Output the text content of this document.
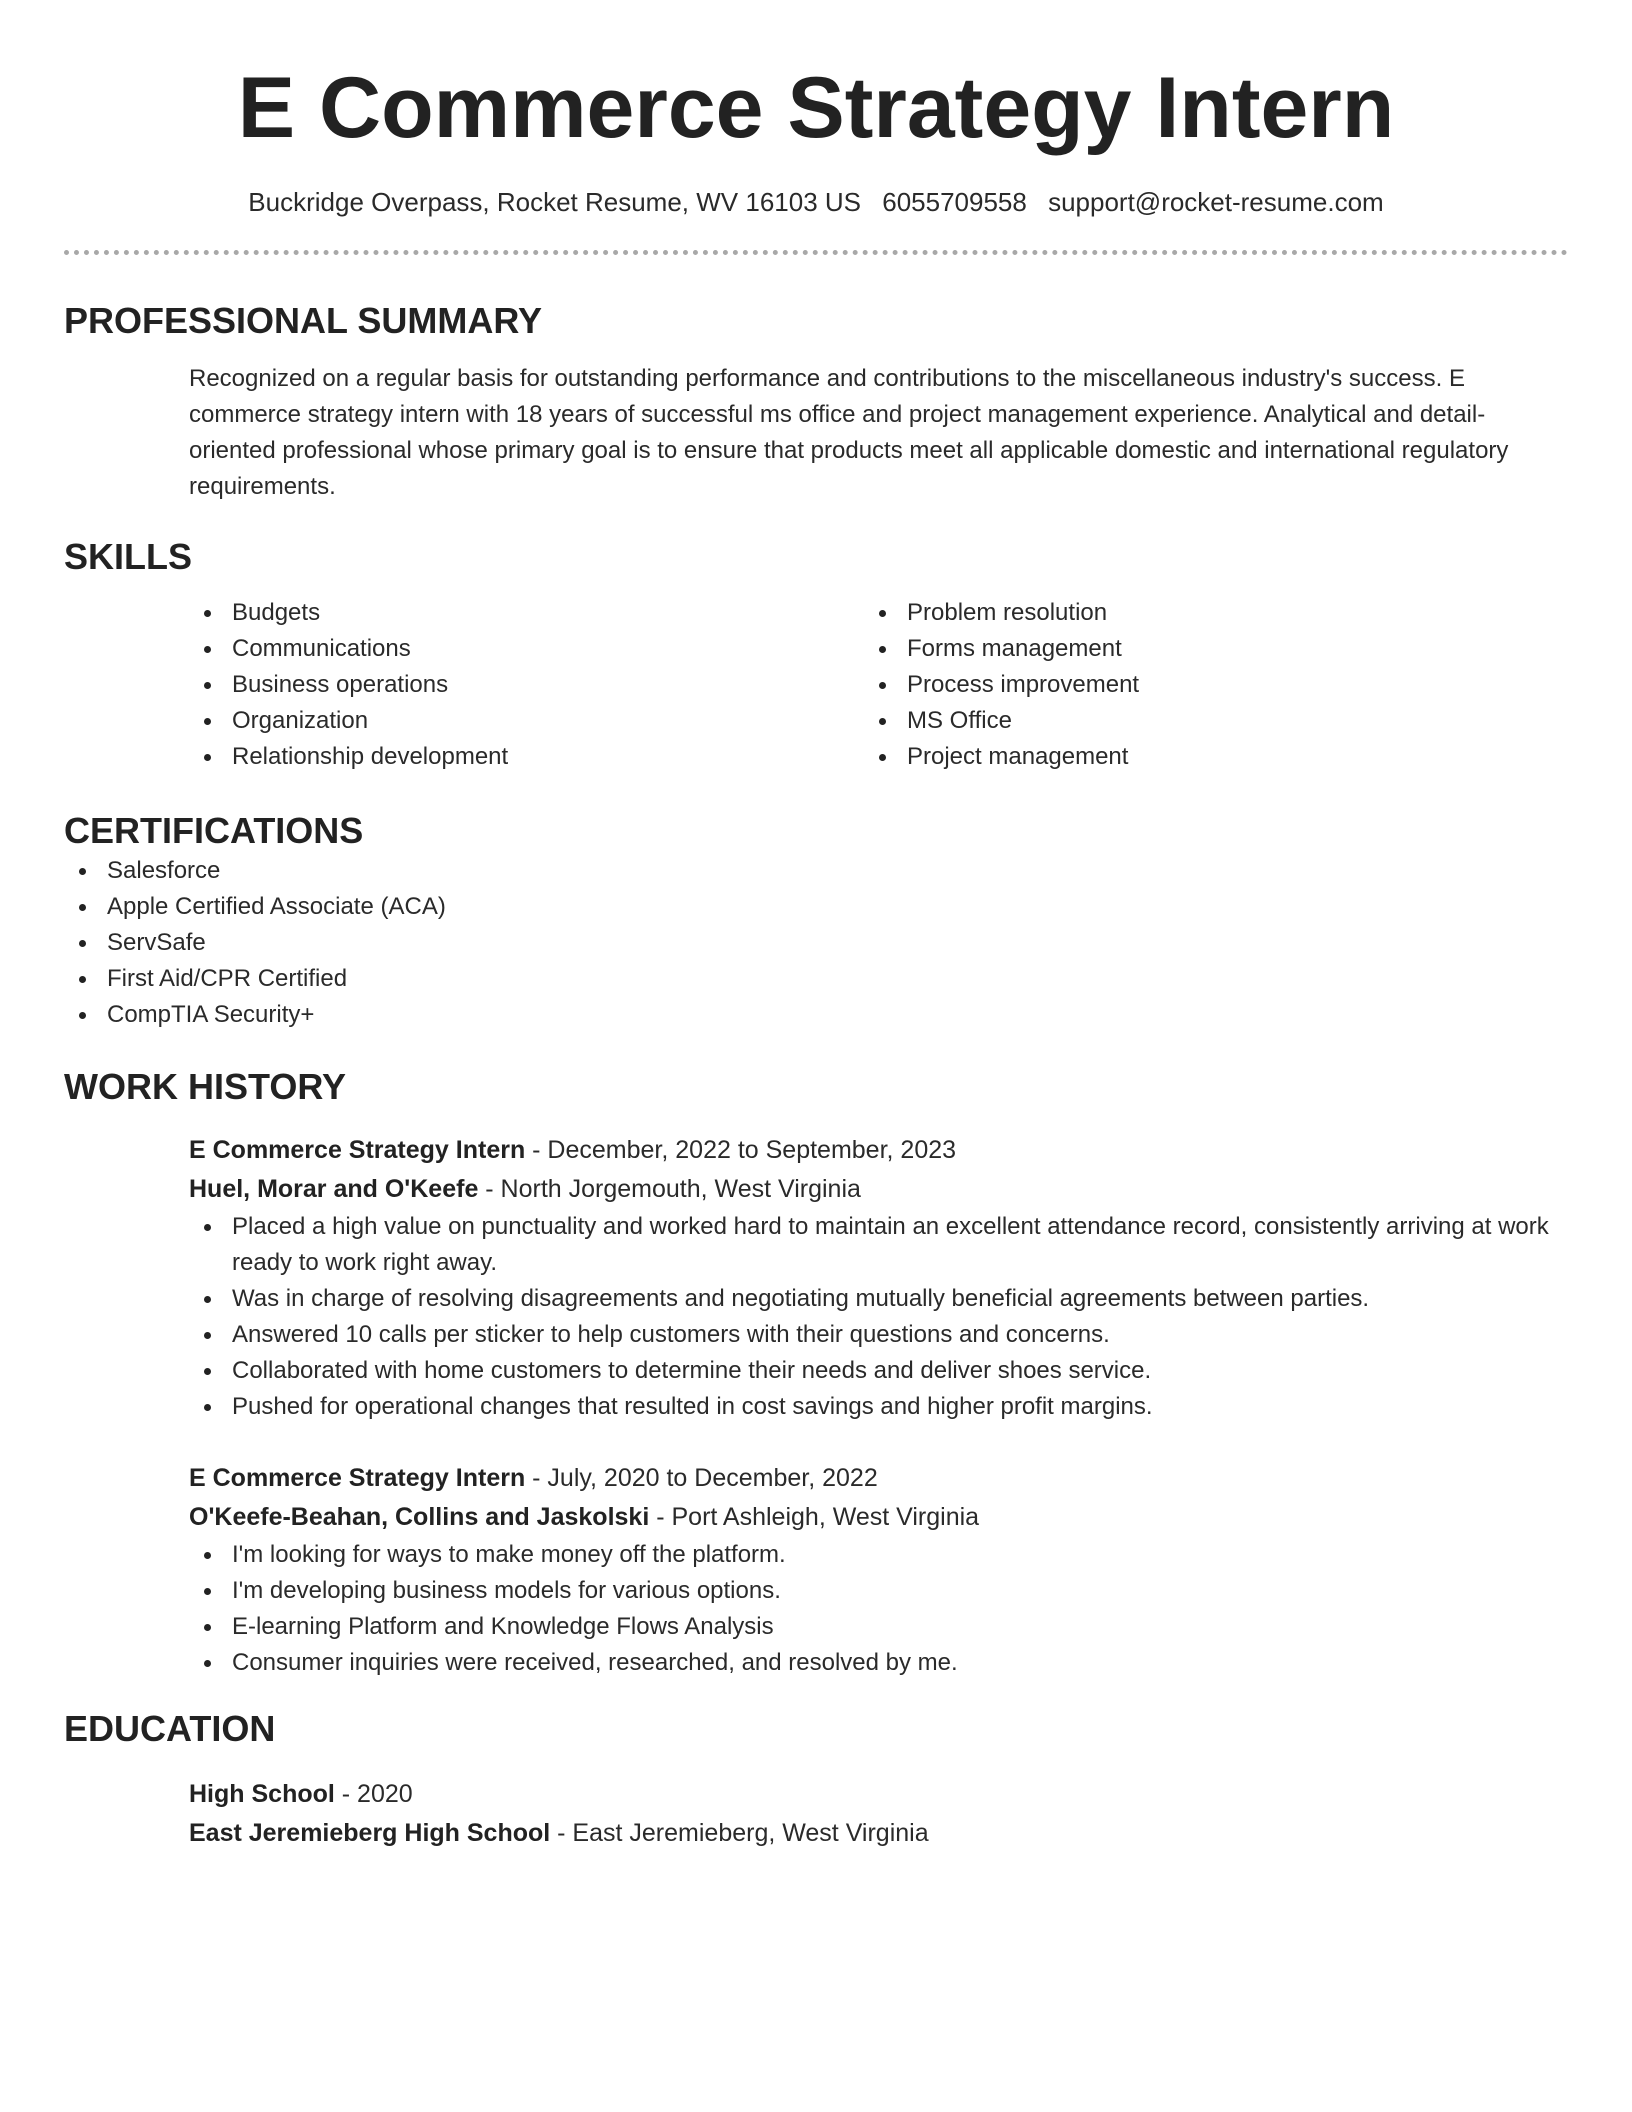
E Commerce Strategy Intern
Buckridge Overpass, Rocket Resume, WV 16103 US 6055709558 support@rocket-resume.com
PROFESSIONAL SUMMARY

Recognized on a regular basis for outstanding performance and contributions to the miscellaneous industry's success. E commerce strategy intern with 18 years of successful ms office and project management experience. Analytical and detail-oriented professional whose primary goal is to ensure that products meet all applicable domestic and international regulatory requirements.

SKILLS
Budgets
Communications
Business operations
Organization
Relationship development
Problem resolution
Forms management
Process improvement
MS Office
Project management
CERTIFICATIONS
Salesforce
Apple Certified Associate (ACA)
ServSafe
First Aid/CPR Certified
CompTIA Security+
WORK HISTORY
E Commerce Strategy Intern - December, 2022 to September, 2023
Huel, Morar and O'Keefe - North Jorgemouth, West Virginia
Placed a high value on punctuality and worked hard to maintain an excellent attendance record, consistently arriving at work ready to work right away.
Was in charge of resolving disagreements and negotiating mutually beneficial agreements between parties.
Answered 10 calls per sticker to help customers with their questions and concerns.
Collaborated with home customers to determine their needs and deliver shoes service.
Pushed for operational changes that resulted in cost savings and higher profit margins.
E Commerce Strategy Intern - July, 2020 to December, 2022
O'Keefe-Beahan, Collins and Jaskolski - Port Ashleigh, West Virginia
I'm looking for ways to make money off the platform.
I'm developing business models for various options.
E-learning Platform and Knowledge Flows Analysis
Consumer inquiries were received, researched, and resolved by me.
EDUCATION
High School - 2020
East Jeremieberg High School - East Jeremieberg, West Virginia
